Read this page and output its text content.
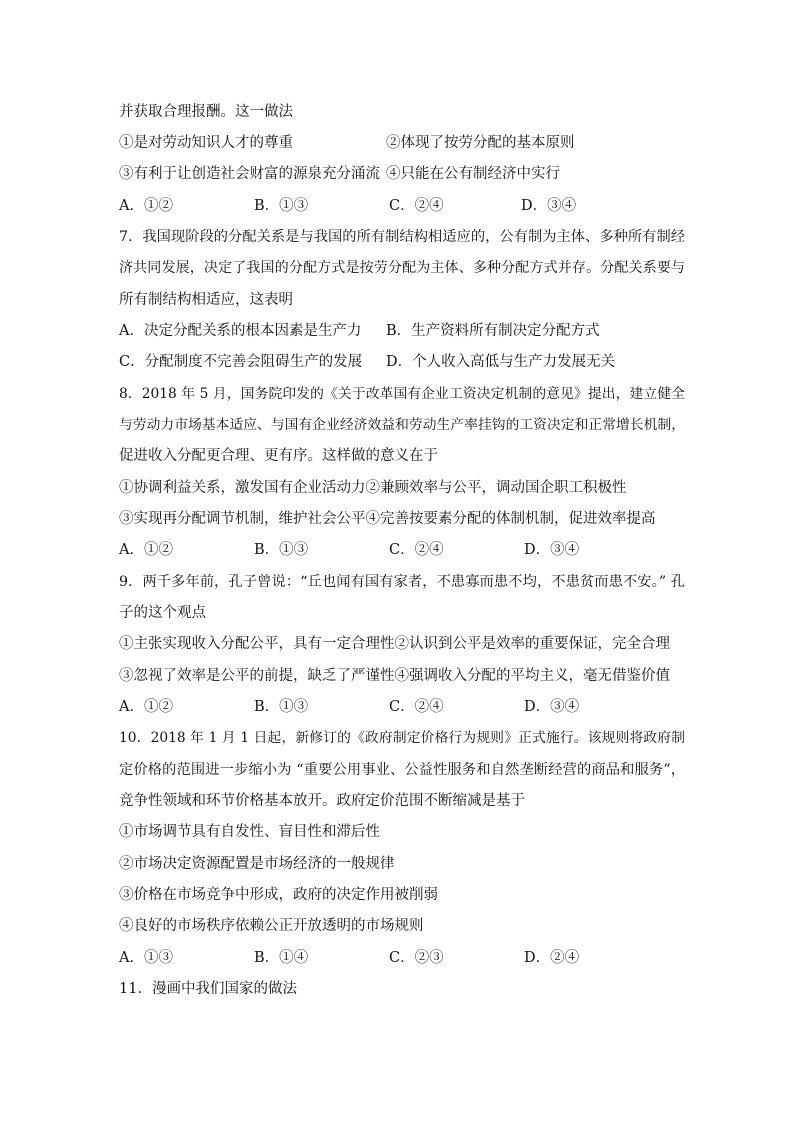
并获取合理报酬。这一做法
①是对劳动知识人才的尊重	②体现了按劳分配的基本原则
③有利于让创造社会财富的源泉充分涌流 ④只能在公有制经济中实行
A．①②	B．①③	C．②④	D．③④
7．我国现阶段的分配关系是与我国的所有制结构相适应的，公有制为主体、多种所有制经
济共同发展，决定了我国的分配方式是按劳分配为主体、多种分配方式并存。分配关系要与
所有制结构相适应，这表明
A．决定分配关系的根本因素是生产力 B．生产资料所有制决定分配方式
C．分配制度不完善会阻碍生产的发展 D．个人收入高低与生产力发展无关
8．2018 年 5 月，国务院印发的《关于改革国有企业工资决定机制的意见》提出，建立健全
与劳动力市场基本适应、与国有企业经济效益和劳动生产率挂钩的工资决定和正常增长机制，
促进收入分配更合理、更有序。这样做的意义在于
①协调利益关系，激发国有企业活动力②兼顾效率与公平，调动国企职工积极性
③实现再分配调节机制，维护社会公平④完善按要素分配的体制机制，促进效率提高
A．①②	B．①③	C．②④	D．③④
9．两千多年前，孔子曾说：“丘也闻有国有家者，不患寡而患不均，不患贫而患不安。” 孔
子的这个观点
①主张实现收入分配公平，具有一定合理性②认识到公平是效率的重要保证，完全合理
③忽视了效率是公平的前提，缺乏了严谨性④强调收入分配的平均主义，毫无借鉴价值
A．①②	B．①③	C．②④	D．③④
10．2018 年 1 月 1 日起，新修订的《政府制定价格行为规则》正式施行。该规则将政府制
定价格的范围进一步缩小为 “重要公用事业、公益性服务和自然垄断经营的商品和服务”，
竞争性领域和环节价格基本放开。政府定价范围不断缩减是基于
①市场调节具有自发性、盲目性和滞后性
②市场决定资源配置是市场经济的一般规律
③价格在市场竞争中形成，政府的决定作用被削弱
④良好的市场秩序依赖公正开放透明的市场规则
A．①③	B．①④	C．②③	D．②④
11．漫画中我们国家的做法
